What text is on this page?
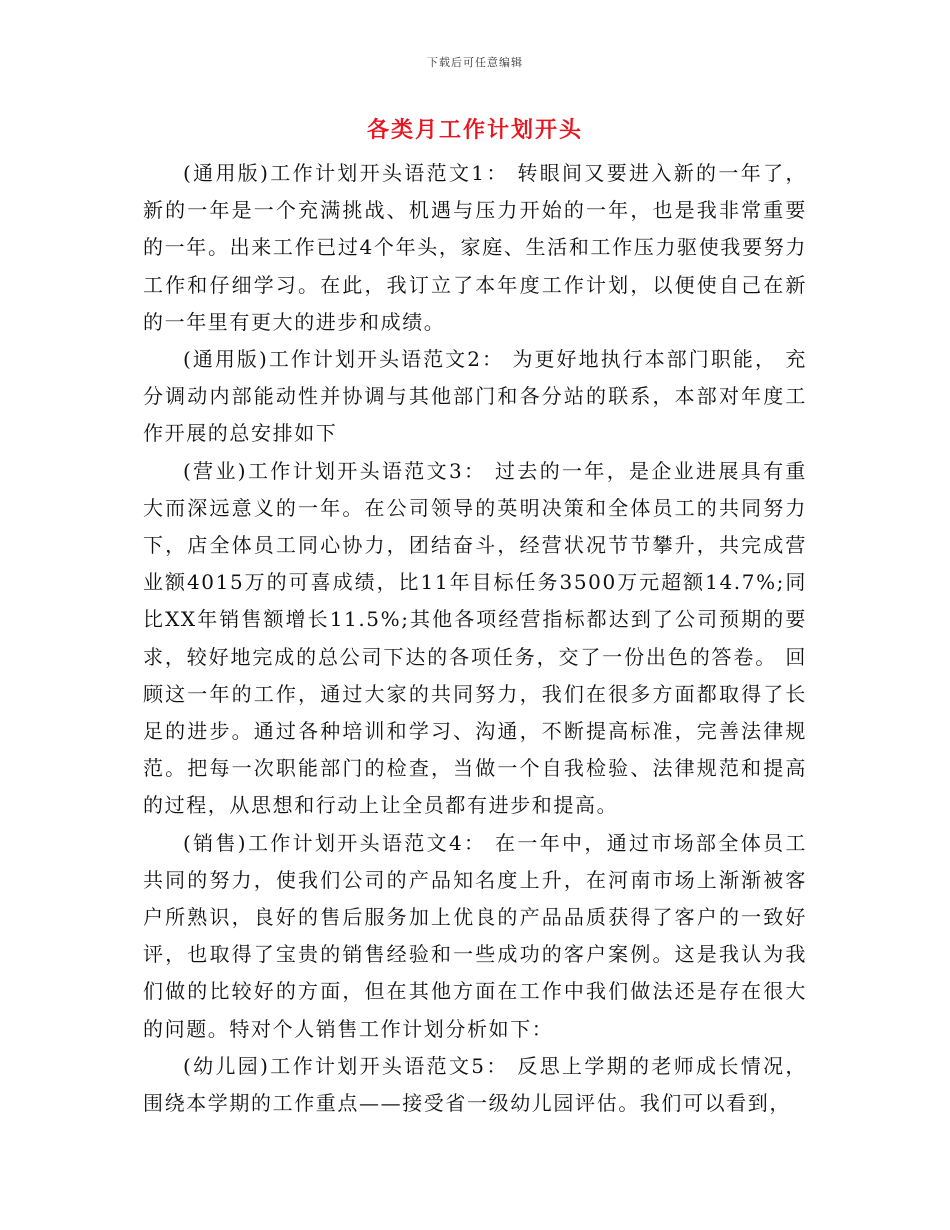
下载后可任意编辑
各类月工作计划开头

(通用版)工作计划开头语范文1： 转眼间又要进入新的一年了，新的一年是一个充满挑战、机遇与压力开始的一年，也是我非常重要的一年。出来工作已过4个年头，家庭、生活和工作压力驱使我要努力工作和仔细学习。在此，我订立了本年度工作计划，以便使自己在新的一年里有更大的进步和成绩。

(通用版)工作计划开头语范文2： 为更好地执行本部门职能， 充分调动内部能动性并协调与其他部门和各分站的联系，本部对年度工作开展的总安排如下

(营业)工作计划开头语范文3： 过去的一年，是企业进展具有重大而深远意义的一年。在公司领导的英明决策和全体员工的共同努力下，店全体员工同心协力，团结奋斗，经营状况节节攀升，共完成营业额4015万的可喜成绩，比11年目标任务3500万元超额14.7%;同比XX年销售额增长11.5%;其他各项经营指标都达到了公司预期的要求，较好地完成的总公司下达的各项任务，交了一份出色的答卷。 回顾这一年的工作，通过大家的共同努力，我们在很多方面都取得了长足的进步。通过各种培训和学习、沟通，不断提高标准，完善法律规范。把每一次职能部门的检查，当做一个自我检验、法律规范和提高的过程，从思想和行动上让全员都有进步和提高。

(销售)工作计划开头语范文4： 在一年中，通过市场部全体员工共同的努力，使我们公司的产品知名度上升，在河南市场上渐渐被客户所熟识，良好的售后服务加上优良的产品品质获得了客户的一致好评，也取得了宝贵的销售经验和一些成功的客户案例。这是我认为我们做的比较好的方面，但在其他方面在工作中我们做法还是存在很大的问题。特对个人销售工作计划分析如下：

(幼儿园)工作计划开头语范文5： 反思上学期的老师成长情况，围绕本学期的工作重点——接受省一级幼儿园评估。我们可以看到，
